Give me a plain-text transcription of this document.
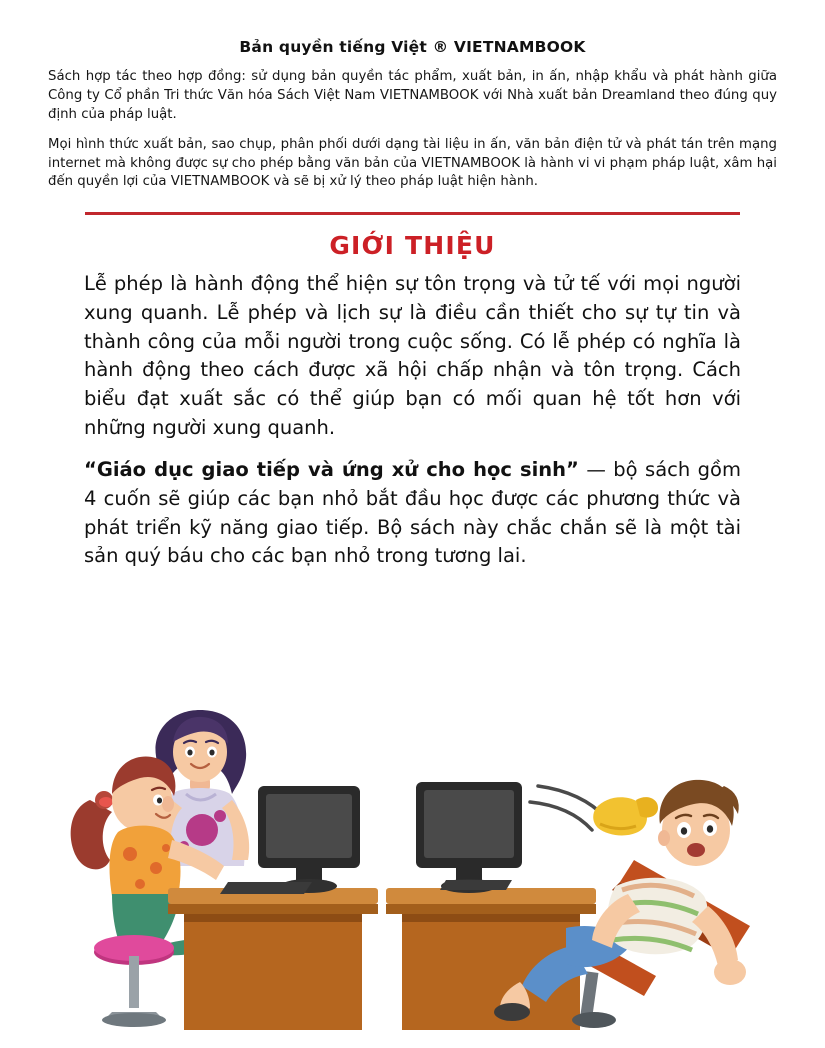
Bản quyền tiếng Việt ® VIETNAMBOOK

Sách hợp tác theo hợp đồng: sử dụng bản quyền tác phẩm, xuất bản, in ấn, nhập khẩu và phát hành giữa Công ty Cổ phần Tri thức Văn hóa Sách Việt Nam VIETNAMBOOK với Nhà xuất bản Dreamland theo đúng quy định của pháp luật.

Mọi hình thức xuất bản, sao chụp, phân phối dưới dạng tài liệu in ấn, văn bản điện tử và phát tán trên mạng internet mà không được sự cho phép bằng văn bản của VIETNAMBOOK là hành vi vi phạm pháp luật, xâm hại đến quyền lợi của VIETNAMBOOK và sẽ bị xử lý theo pháp luật hiện hành.

GIỚI THIỆU

Lễ phép là hành động thể hiện sự tôn trọng và tử tế với mọi người xung quanh. Lễ phép và lịch sự là điều cần thiết cho sự tự tin và thành công của mỗi người trong cuộc sống. Có lễ phép có nghĩa là hành động theo cách được xã hội chấp nhận và tôn trọng. Cách biểu đạt xuất sắc có thể giúp bạn có mối quan hệ tốt hơn với những người xung quanh.

“Giáo dục giao tiếp và ứng xử cho học sinh” — bộ sách gồm 4 cuốn sẽ giúp các bạn nhỏ bắt đầu học được các phương thức và phát triển kỹ năng giao tiếp. Bộ sách này chắc chắn sẽ là một tài sản quý báu cho các bạn nhỏ trong tương lai.
